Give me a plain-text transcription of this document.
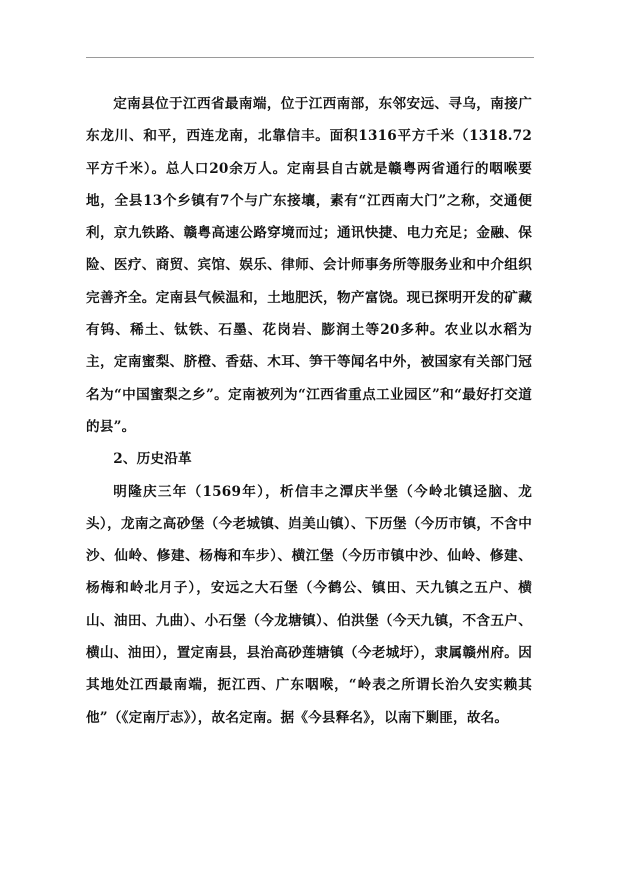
定南县位于江西省最南端，位于江西南部，东邻安远、寻乌，南接广东龙川、和平，西连龙南，北靠信丰。面积1316平方千米（1318.72平方千米）。总人口20余万人。定南县自古就是赣粤两省通行的咽喉要地，全县13个乡镇有7个与广东接壤，素有“江西南大门”之称，交通便利，京九铁路、赣粤高速公路穿境而过；通讯快捷、电力充足；金融、保险、医疗、商贸、宾馆、娱乐、律师、会计师事务所等服务业和中介组织完善齐全。定南县气候温和，土地肥沃，物产富饶。现已探明开发的矿藏有钨、稀土、钛铁、石墨、花岗岩、膨润土等20多种。农业以水稻为主，定南蜜梨、脐橙、香菇、木耳、笋干等闻名中外，被国家有关部门冠名为“中国蜜梨之乡”。定南被列为“江西省重点工业园区”和“最好打交道的县”。

2、历史沿革

明隆庆三年（1569年），析信丰之潭庆半堡（今岭北镇迳脑、龙头），龙南之高砂堡（今老城镇、岿美山镇）、下历堡（今历市镇，不含中沙、仙岭、修建、杨梅和车步）、横江堡（今历市镇中沙、仙岭、修建、杨梅和岭北月子），安远之大石堡（今鹤公、镇田、天九镇之五户、横山、油田、九曲）、小石堡（今龙塘镇）、伯洪堡（今天九镇，不含五户、横山、油田），置定南县，县治高砂莲塘镇（今老城圩），隶属赣州府。因其地处江西最南端，扼江西、广东咽喉，“岭表之所谓长治久安实赖其他”（《定南厅志》），故名定南。据《今县释名》，以南下剿匪，故名。
